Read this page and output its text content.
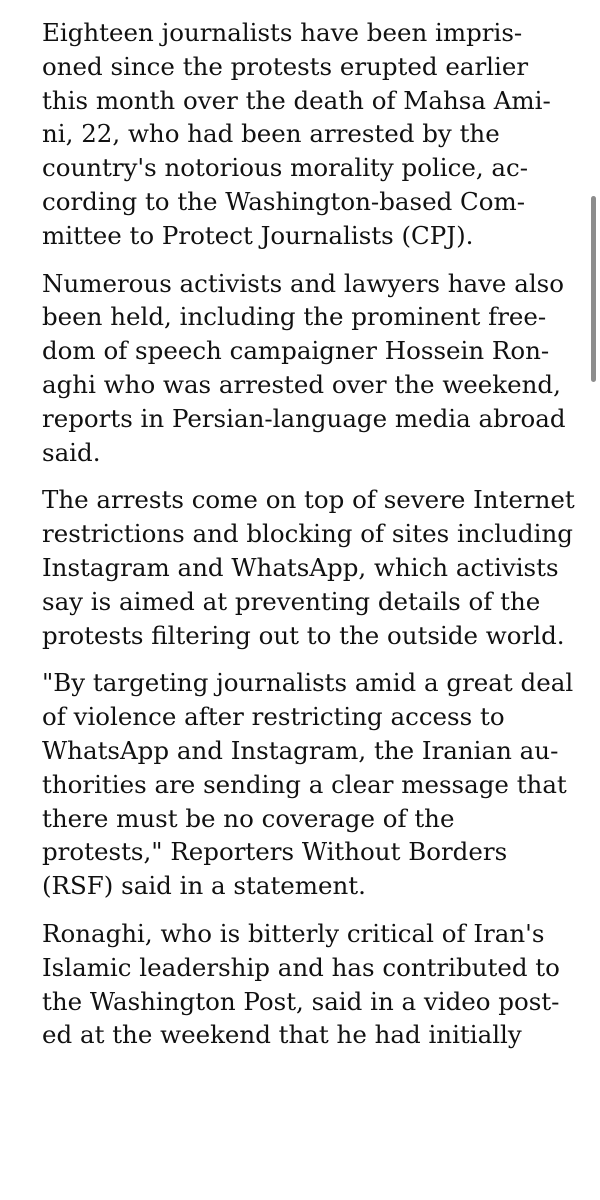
Eighteen journalists have been impris-
oned since the protests erupted earlier
this month over the death of Mahsa Ami-
ni, 22, who had been arrested by the
country's notorious morality police, ac-
cording to the Washington-based Com-
mittee to Protect Journalists (CPJ).

Numerous activists and lawyers have also
been held, including the prominent free-
dom of speech campaigner Hossein Ron-
aghi who was arrested over the weekend,
reports in Persian-language media abroad
said.

The arrests come on top of severe Internet
restrictions and blocking of sites including
Instagram and WhatsApp, which activists
say is aimed at preventing details of the
protests filtering out to the outside world.

"By targeting journalists amid a great deal
of violence after restricting access to
WhatsApp and Instagram, the Iranian au-
thorities are sending a clear message that
there must be no coverage of the
protests," Reporters Without Borders
(RSF) said in a statement.

Ronaghi, who is bitterly critical of Iran's
Islamic leadership and has contributed to
the Washington Post, said in a video post-
ed at the weekend that he had initially
